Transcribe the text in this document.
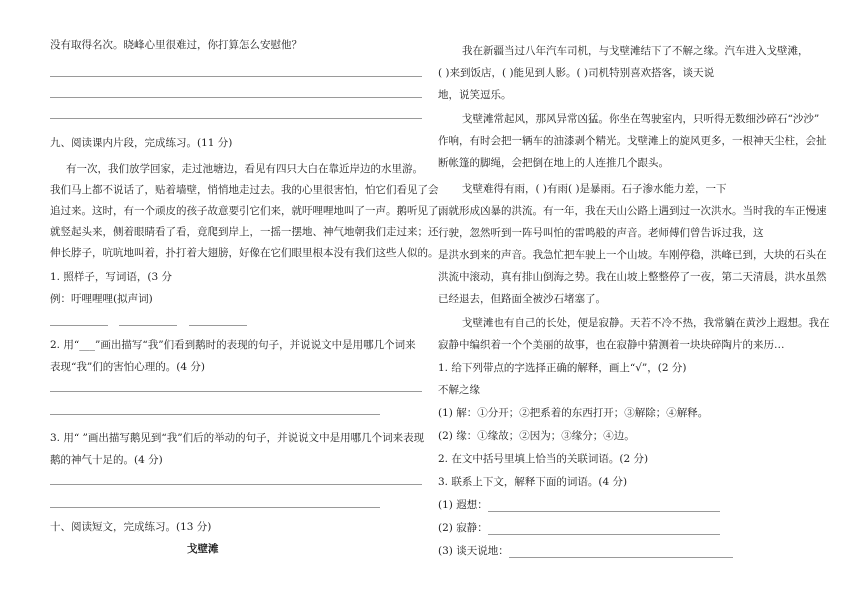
没有取得名次。晓峰心里很难过，你打算怎么安慰他？
九、阅读课内片段，完成练习。(11 分)
有一次，我们放学回家，走过池塘边，看见有四只大白在靠近岸边的水里游。
我们马上都不说话了，贴着墙壁，悄悄地走过去。我的心里很害怕，怕它们看见了会
追过来。这时，有一个顽皮的孩子故意要引它们来，就吁哩哩地叫了一声。鹅听见了，
就竖起头来，侧着眼睛看了看，竟爬到岸上，一摇一摆地、神气地朝我们走过来；还
伸长脖子，吭吭地叫着，扑打着大翅膀，好像在它们眼里根本没有我们这些人似的。
1. 照样子，写词语，(3 分
例：吁哩哩哩(拟声词)

2. 用“___”画出描写“我”们看到鹅时的表现的句子，并说说文中是用哪几个词来
表现“我”们的害怕心理的。(4 分)
3. 用“ ”画出描写鹅见到“我”们后的举动的句子，并说说文中是用哪几个词来表现
鹅的神气十足的。(4 分)
十、阅读短文，完成练习。(13 分)
戈壁滩
我在新疆当过八年汽车司机，与戈壁滩结下了不解之缘。汽车进入戈壁滩，
( )来到饭店，( )能见到人影。( )司机特别喜欢搭客，谈天说
地，说笑逗乐。
戈壁滩常起风，那风异常凶猛。你坐在驾驶室内，只听得无数细沙碎石“沙沙”
作响，有时会把一辆车的油漆剥个精光。戈壁滩上的旋风更多，一根神天尘柱，会扯
断帐篷的脚绳，会把倒在地上的人连推几个跟头。
戈壁难得有雨，( )有雨( )是暴雨。石子渗水能力差，一下
雨就形成凶暴的洪流。有一年，我在天山公路上遇到过一次洪水。当时我的车正慢速
行驶，忽然听到一阵号叫怕的雷鸣般的声音。老师傅们曾告诉过我，这
是洪水到来的声音。我急忙把车驶上一个山坡。车刚停稳，洪峰已到，大块的石头在
洪流中滚动，真有排山倒海之势。我在山坡上整整停了一夜，第二天清晨，洪水虽然
已经退去，但路面全被沙石堵塞了。
戈壁滩也有自己的长处，便是寂静。天若不冷不热，我常躺在黄沙上遐想。我在
寂静中编织着一个个美丽的故事，也在寂静中猜测着一块块碎陶片的来历…
1. 给下列带点的字选择正确的解释，画上“√”，(2 分)
不解之缘
(1) 解：①分开；②把系着的东西打开；③解除；④解释。
(2) 缘：①缘故；②因为；③缘分；④边。
2. 在文中括号里填上恰当的关联词语。(2 分)
3. 联系上下文，解释下面的词语。(4 分)
(1) 遐想：
(2) 寂静：
(3) 谈天说地：
